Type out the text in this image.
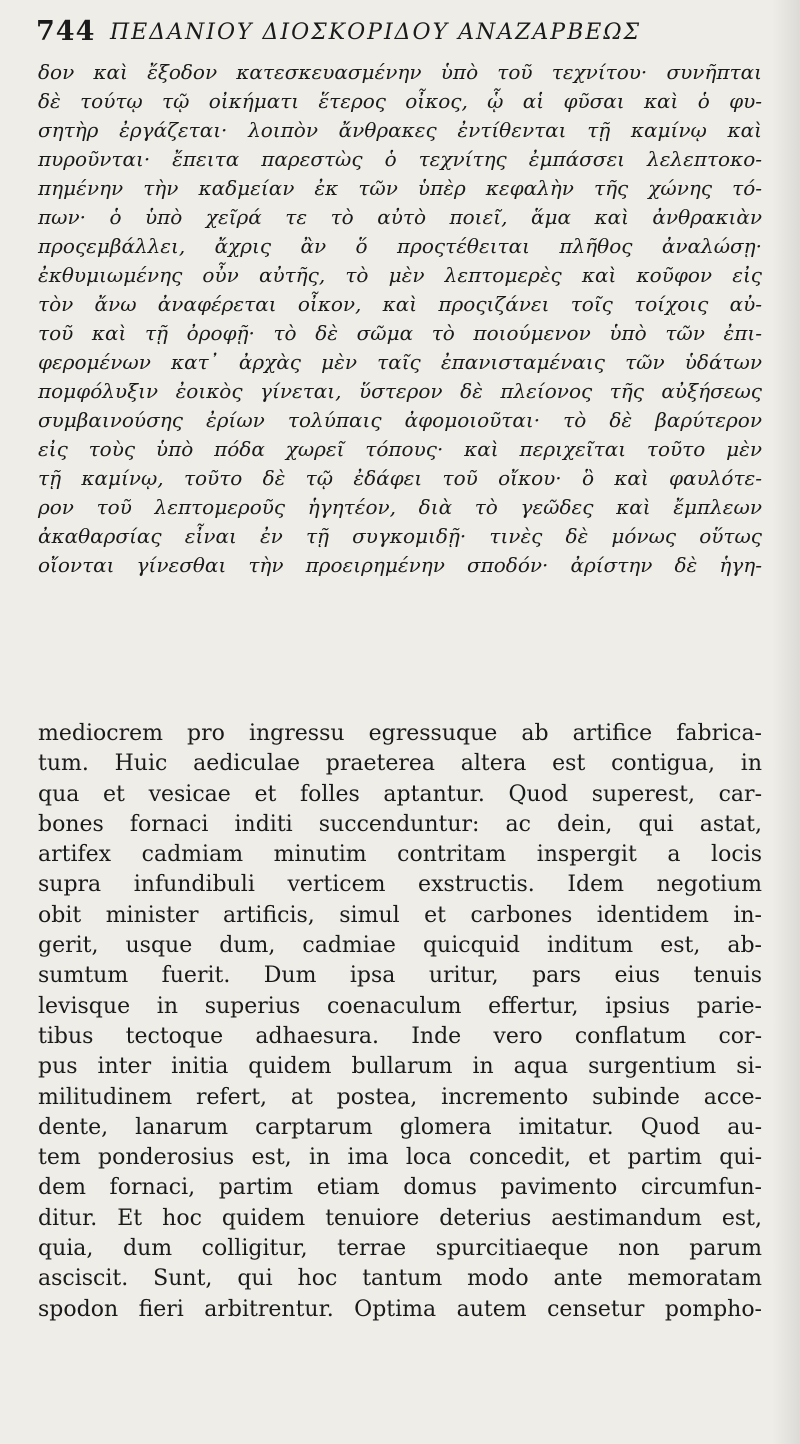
744 ΠΕΔΑΝΙΟΥ ΔΙΟΣΚΟΡΙΔΟΥ ΑΝΑΖΑΡΒΕΩΣ
δον καὶ ἔξοδον κατεσκευασμένην ὑπὸ τοῦ τεχνίτου· συνῆπται
δὲ τούτῳ τῷ οἰκήματι ἕτερος οἶκος, ᾧ αἱ φῦσαι καὶ ὁ φυ-
σητὴρ ἐργάζεται· λοιπὸν ἄνθρακες ἐντίθενται τῇ καμίνῳ καὶ
πυροῦνται· ἔπειτα παρεστὼς ὁ τεχνίτης ἐμπάσσει λελεπτοκο-
πημένην τὴν καδμείαν ἐκ τῶν ὑπὲρ κεφαλὴν τῆς χώνης τό-
πων· ὁ ὑπὸ χεῖρά τε τὸ αὐτὸ ποιεῖ, ἅμα καὶ ἀνθρακιὰν
προςεμβάλλει, ἄχρις ἂν ὅ προςτέθειται πλῆθος ἀναλώσῃ·
ἐκθυμιωμένης οὖν αὐτῆς, τὸ μὲν λεπτομερὲς καὶ κοῦφον εἰς
τὸν ἄνω ἀναφέρεται οἶκον, καὶ προςιζάνει τοῖς τοίχοις αὐ-
τοῦ καὶ τῇ ὀροφῇ· τὸ δὲ σῶμα τὸ ποιούμενον ὑπὸ τῶν ἐπι-
φερομένων κατ᾽ ἀρχὰς μὲν ταῖς ἐπανισταμέναις τῶν ὑδάτων
πομφόλυξιν ἐοικὸς γίνεται, ὕστερον δὲ πλείονος τῆς αὐξήσεως
συμβαινούσης ἐρίων τολύπαις ἀφομοιοῦται· τὸ δὲ βαρύτερον
εἰς τοὺς ὑπὸ πόδα χωρεῖ τόπους· καὶ περιχεῖται τοῦτο μὲν
τῇ καμίνῳ, τοῦτο δὲ τῷ ἐδάφει τοῦ οἴκου· ὃ καὶ φαυλότε-
ρον τοῦ λεπτομεροῦς ἡγητέον, διὰ τὸ γεῶδες καὶ ἔμπλεων
ἀκαθαρσίας εἶναι ἐν τῇ συγκομιδῇ· τινὲς δὲ μόνως οὕτως
οἴονται γίνεσθαι τὴν προειρημένην σποδόν· ἀρίστην δὲ ἡγη-
mediocrem pro ingressu egressuque ab artifice fabrica-
tum. Huic aediculae praeterea altera est contigua, in
qua et vesicae et folles aptantur. Quod superest, car-
bones fornaci inditi succenduntur: ac dein, qui astat,
artifex cadmiam minutim contritam inspergit a locis
supra infundibuli verticem exstructis. Idem negotium
obit minister artificis, simul et carbones identidem in-
gerit, usque dum, cadmiae quicquid inditum est, ab-
sumtum fuerit. Dum ipsa uritur, pars eius tenuis
levisque in superius coenaculum effertur, ipsius parie-
tibus tectoque adhaesura. Inde vero conflatum cor-
pus inter initia quidem bullarum in aqua surgentium si-
militudinem refert, at postea, incremento subinde acce-
dente, lanarum carptarum glomera imitatur. Quod au-
tem ponderosius est, in ima loca concedit, et partim qui-
dem fornaci, partim etiam domus pavimento circumfun-
ditur. Et hoc quidem tenuiore deterius aestimandum est,
quia, dum colligitur, terrae spurcitiaeque non parum
asciscit. Sunt, qui hoc tantum modo ante memoratam
spodon fieri arbitrentur. Optima autem censetur pompho-
